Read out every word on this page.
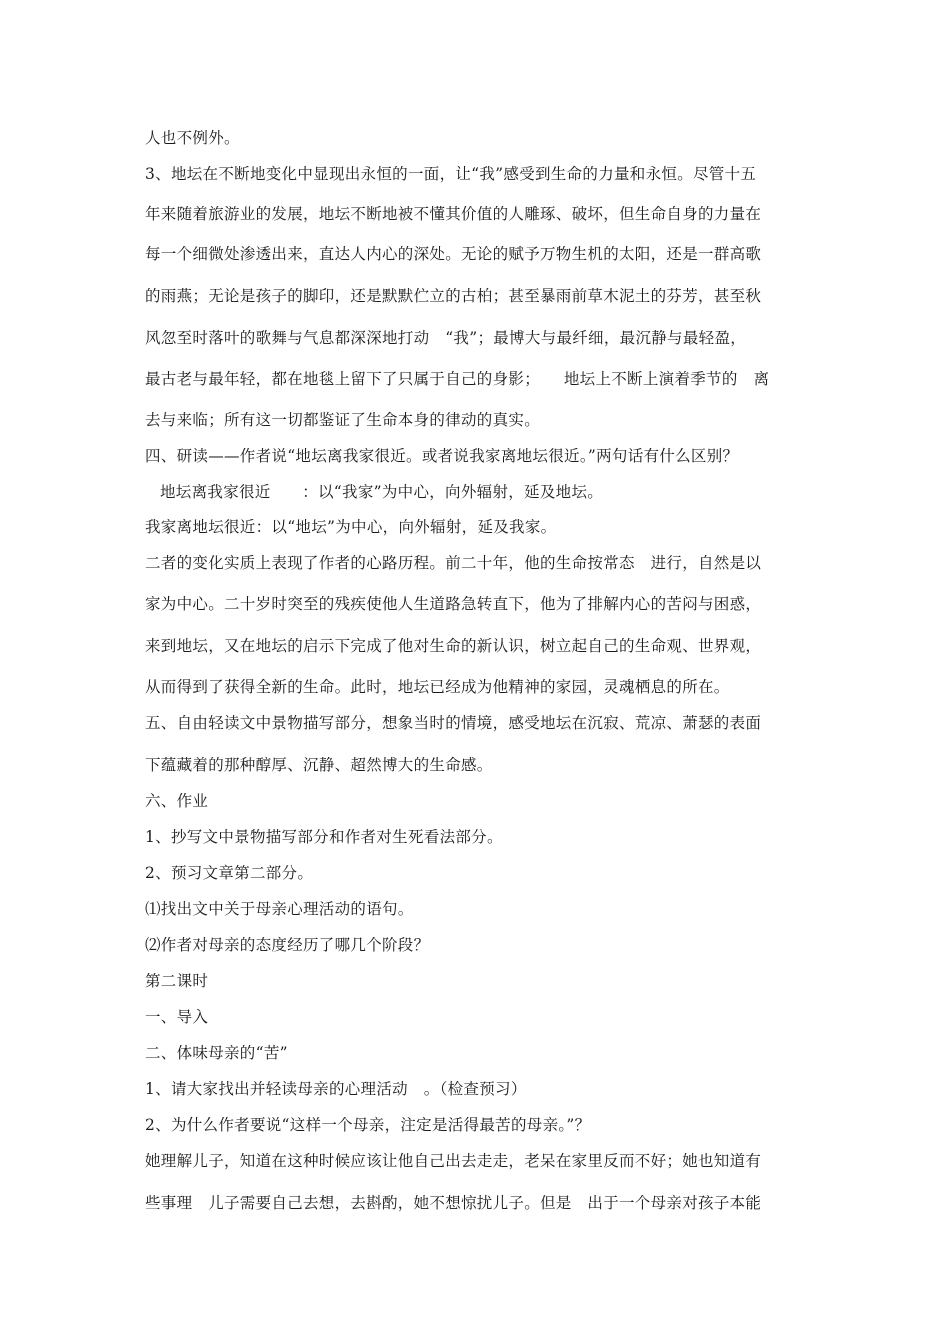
人也不例外。
3、地坛在不断地变化中显现出永恒的一面，让“我”感受到生命的力量和永恒。尽管十五
年来随着旅游业的发展，地坛不断地被不懂其价值的人雕琢、破坏，但生命自身的力量在
每一个细微处渗透出来，直达人内心的深处。无论的赋予万物生机的太阳，还是一群高歌
的雨燕；无论是孩子的脚印，还是默默伫立的古柏；甚至暴雨前草木泥土的芬芳，甚至秋
风忽至时落叶的歌舞与气息都深深地打动　“我”；最博大与最纤细，最沉静与最轻盈，
最古老与最年轻，都在地毯上留下了只属于自己的身影；　　地坛上不断上演着季节的　离
去与来临；所有这一切都鉴证了生命本身的律动的真实。
四、研读——作者说“地坛离我家很近。或者说我家离地坛很近。”两句话有什么区别？
地坛离我家很近　　：以“我家”为中心，向外辐射，延及地坛。
我家离地坛很近：以“地坛”为中心，向外辐射，延及我家。
二者的变化实质上表现了作者的心路历程。前二十年，他的生命按常态　进行，自然是以
家为中心。二十岁时突至的残疾使他人生道路急转直下，他为了排解内心的苦闷与困惑，
来到地坛，又在地坛的启示下完成了他对生命的新认识，树立起自己的生命观、世界观，
从而得到了获得全新的生命。此时，地坛已经成为他精神的家园，灵魂栖息的所在。
五、自由轻读文中景物描写部分，想象当时的情境，感受地坛在沉寂、荒凉、萧瑟的表面
下蕴藏着的那种醇厚、沉静、超然博大的生命感。
六、作业
1、抄写文中景物描写部分和作者对生死看法部分。
2、预习文章第二部分。
⑴找出文中关于母亲心理活动的语句。
⑵作者对母亲的态度经历了哪几个阶段？
第二课时
一、导入
二、体味母亲的“苦”
1、请大家找出并轻读母亲的心理活动　。（检查预习）
2、为什么作者要说“这样一个母亲，注定是活得最苦的母亲。”？
她理解儿子，知道在这种时候应该让他自己出去走走，老呆在家里反而不好；她也知道有
些事理　儿子需要自己去想，去斟酌，她不想惊扰儿子。但是　出于一个母亲对孩子本能
